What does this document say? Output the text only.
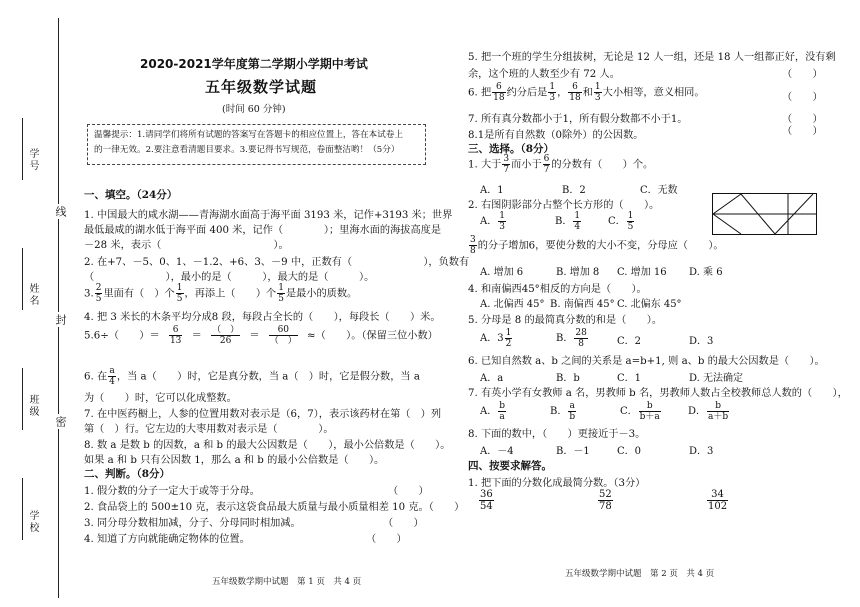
学号
姓名
班级
学校
线
封
密
2020-2021学年度第二学期小学期中考试
五年级数学试题
(时间 60 分钟)
温馨提示：1.请同学们将所有试题的答案写在答题卡的相应位置上，答在本试卷上
的一律无效。2.要注意看清题目要求。3.要记得书写规范，卷面整洁哟！（5分）
一、填空。（24分）
1. 中国最大的咸水湖——青海湖水面高于海平面 3193 米，记作+3193 米；世界
最低最咸的湖水低于海平面 400 米，记作（　　　　）；里海水面的海拔高度是
－28 米，表示（　　　　　　　　　　　）。
2. 在+7、－5、0、1、－1.2、+6、3、－9 中，正数有（　　　　　　　），负数有
（　　　　　　　），最小的是（　　　），最大的是（　　　）。
3. $\frac{2}{5}$ 里面有（　）个 $\frac{1}{5}$ ，再添上（　　）个 $\frac{1}{5}$ 是最小的质数。
4. 把 3 米长的木条平均分成8 段，每段占全长的（　　），每段长（　　）米。
5.6÷（　　）＝ $\frac{6}{13} = \frac{( )}{26} = \frac{60}{( )}$ ≈（　　）。（保留三位小数）
6. 在 $\frac{a}{4}$ ，当 a（　　）时，它是真分数，当 a（　）时，它是假分数，当 a
为（　　）时，它可以化成整数。
7. 在中医药橱上，人参的位置用数对表示是（6，7），表示该药材在第（　）列
第（　）行。它左边的大枣用数对表示是（　　　　）。
8. 数 a 是数 b 的因数，a 和 b 的最大公因数是（　　），最小公倍数是（　　）。
如果 a 和 b 只有公因数 1，那么 a 和 b 的最小公倍数是（　　）。
二、判断。（8分）
1. 假分数的分子一定大于或等于分母。	（　　）
2. 食品袋上的 500±10 克，表示这袋食品最大质量与最小质量相差 10 克。（　　）
3. 同分母分数相加减，分子、分母同时相加减。	（　　）
4. 知道了方向就能确定物体的位置。	（　　）
五年级数学期中试题　第 1 页　共 4 页
5. 把一个班的学生分组拔树，无论是 12 人一组，还是 18 人一组都正好，没有剩
余，这个班的人数至少有 72 人。	（　　）
6. 把 $\frac{6}{18}$ 约分后是 $\frac{1}{3}$ ， $\frac{6}{18}$ 和 $\frac{1}{3}$ 大小相等，意义相同。	（　　）
7. 所有真分数都小于1，所有假分数都不小于1。	（　　）
8.1是所有自然数（0除外）的公因数。	（　　）
三、选择。（8分）
1. 大于 $\frac{3}{7}$ 而小于 $\frac{6}{7}$ 的分数有（　　）个。
A．1	B．2	C．无数
2. 右图阴影部分占整个长方形的（　　）。
A． $\frac{1}{3}$	B． $\frac{1}{4}$	C． $\frac{1}{5}$
$\frac{3}{8}$ 的分子增加6，要使分数的大小不变，分母应（　　）。
A. 增加 6	B. 增加 8 C. 增加 16 D. 乘 6
4. 和南偏西45°相反的方向是（　　）。
A. 北偏西 45° B. 南偏西 45° C. 北偏东 45°
5. 分母是 8 的最简真分数的和是（　　）。
A．$3 \frac{1}{2}$	B． $\frac{28}{8}$	C．2	D．3
6. 已知自然数 a、b 之间的关系是 a=b+1, 则 a、b 的最大公因数是（　　）。
A．a	B．b	C．1	D. 无法确定
7. 有英小学有女教师 a 名，男教师 b 名，男教师人数占全校教师总人数的（　　），
A． $\frac{b}{a}$	B． $\frac{a}{b}$	C． $\frac{b}{b+a}$	D． $\frac{b}{a+b}$
8. 下面的数中，（　　）更接近于－3。
A．－4	B．－1	C．0	D．3
四、按要求解答。
1. 把下面的分数化成最简分数。（3分）
$\frac{36}{54}$	$\frac{52}{78}$	$\frac{34}{102}$
五年级数学期中试题　第 2 页　共 4 页
